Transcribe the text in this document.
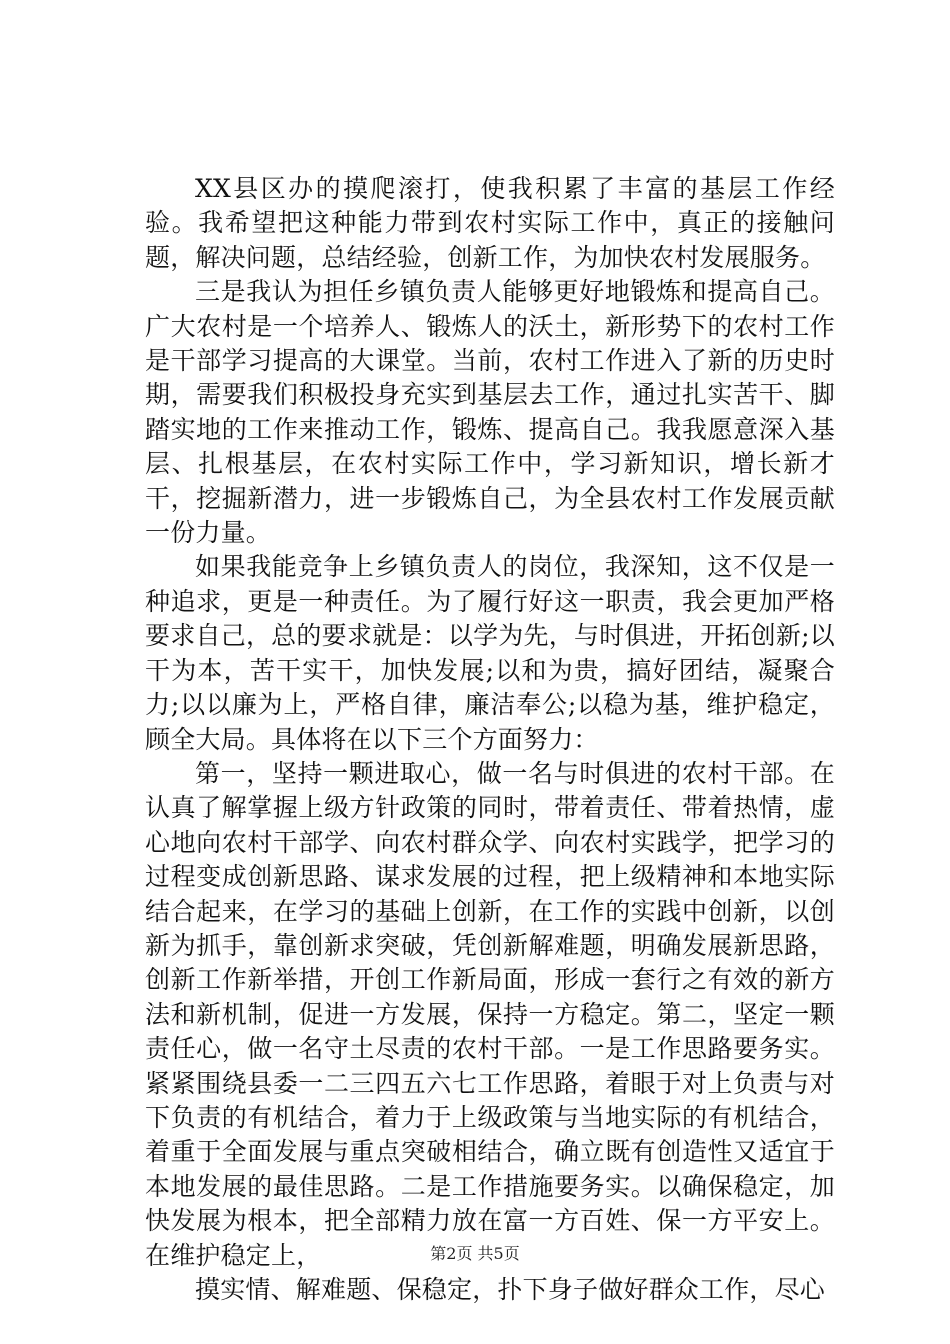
XX县区办的摸爬滚打，使我积累了丰富的基层工作经验。我希望把这种能力带到农村实际工作中，真正的接触问题，解决问题，总结经验，创新工作，为加快农村发展服务。

三是我认为担任乡镇负责人能够更好地锻炼和提高自己。广大农村是一个培养人、锻炼人的沃土，新形势下的农村工作是干部学习提高的大课堂。当前，农村工作进入了新的历史时期，需要我们积极投身充实到基层去工作，通过扎实苦干、脚踏实地的工作来推动工作，锻炼、提高自己。我我愿意深入基层、扎根基层，在农村实际工作中，学习新知识，增长新才干，挖掘新潜力，进一步锻炼自己，为全县农村工作发展贡献一份力量。

如果我能竞争上乡镇负责人的岗位，我深知，这不仅是一种追求，更是一种责任。为了履行好这一职责，我会更加严格要求自己，总的要求就是：以学为先，与时俱进，开拓创新;以干为本，苦干实干，加快发展;以和为贵，搞好团结，凝聚合力;以以廉为上，严格自律，廉洁奉公;以稳为基，维护稳定，顾全大局。具体将在以下三个方面努力：

第一，坚持一颗进取心，做一名与时俱进的农村干部。在认真了解掌握上级方针政策的同时，带着责任、带着热情，虚心地向农村干部学、向农村群众学、向农村实践学，把学习的过程变成创新思路、谋求发展的过程，把上级精神和本地实际结合起来，在学习的基础上创新，在工作的实践中创新，以创新为抓手，靠创新求突破，凭创新解难题，明确发展新思路，创新工作新举措，开创工作新局面，形成一套行之有效的新方法和新机制，促进一方发展，保持一方稳定。第二，坚定一颗责任心，做一名守土尽责的农村干部。一是工作思路要务实。紧紧围绕县委一二三四五六七工作思路，着眼于对上负责与对下负责的有机结合，着力于上级政策与当地实际的有机结合，着重于全面发展与重点突破相结合，确立既有创造性又适宜于本地发展的最佳思路。二是工作措施要务实。以确保稳定，加快发展为根本，把全部精力放在富一方百姓、保一方平安上。在维护稳定上，

摸实情、解难题、保稳定，扑下身子做好群众工作，尽心

第2页 共5页
